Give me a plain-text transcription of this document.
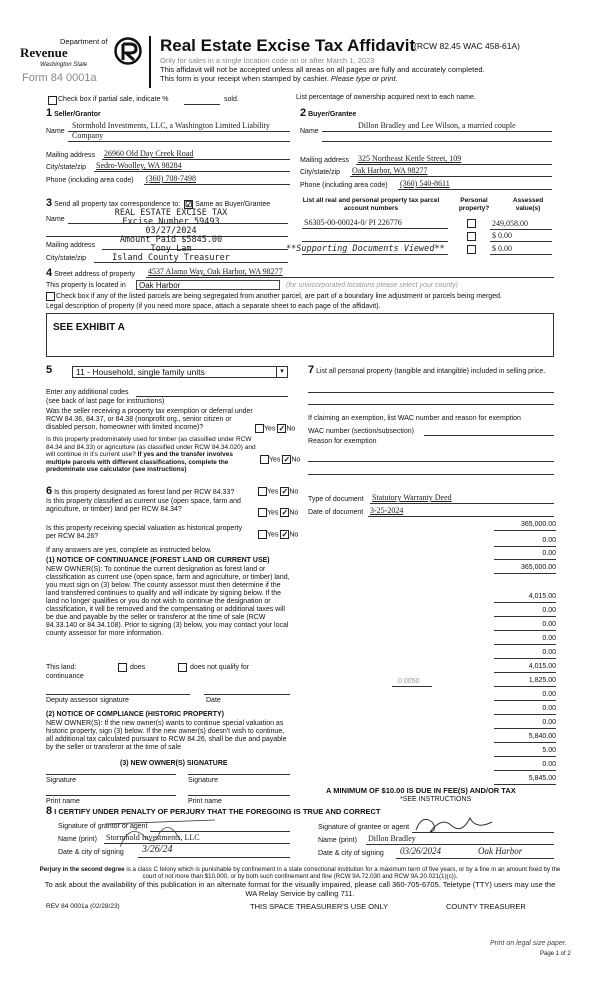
Department of
Revenue
Washington State
Form 84 0001a
Real Estate Excise Tax Affidavit
(RCW 82.45 WAC 458-61A)
Only for sales in a single location code on or after March 1, 2023
This affidavit will not be accepted unless all areas on all pages are fully and accurately completed.
This form is your receipt when stamped by cashier. Please type or print.
Check box if partial sale, indicate %	sold.	List percentage of ownership acquired next to each name.
1 Seller/Grantor
Name
Stormhold Investments, LLC, a Washington Limited Liability
Company
Mailing address 26960 Old Day Creek Road
City/state/zip Sedro-Woolley, WA 98284
Phone (including area code) (360) 708-7498
2 Buyer/Grantee
Name
Dillon Bradley and Lee Wilson, a married couple
Mailing address 325 Northeast Kettle Street, 109
City/state/zip Oak Harbor, WA 98277
Phone (including area code) (360) 540-8611
3 Send all property tax correspondence to: ☑ Same as Buyer/Grantee
Name
Mailing address
City/state/zip
REAL ESTATE EXCISE TAX
Excise Number 59493
03/27/2024
Amount Paid $5845.00
Tony Lam
Island County Treasurer
**Supporting Documents Viewed**
List all real and personal property tax parcel account numbers
Personal property?
Assessed value(s)
S6305-00-00024-0/ PI 226776	249,058.00
$ 0.00
$ 0.00
4 Street address of property 4537 Alamo Way, Oak Harbor, WA 98277
This property is located in	Oak Harbor	(for unincorporated locations please select your county)
Check box if any of the listed parcels are being segregated from another parcel, are part of a boundary line adjustment or parcels being merged.
Legal description of property (if you need more space, attach a separate sheet to each page of the affidavit).
SEE EXHIBIT A
5	11 - Household, single family units	▾
Enter any additional codes
(see back of last page for instructions)
Was the seller receiving a property tax exemption or deferral under RCW 84.36, 84.37, or 84.38 (nonprofit org., senior citizen or disabled person, homeowner with limited income)?	Yes ✓No
Is this property predominately used for timber (as classified under RCW 84.34 and 84.33) or agriculture (as classified under RCW 84.34.020) and will continue in it's current use? If yes and the transfer involves multiple parcels with different classifications, complete the predominate use calculator (see instructions)
Yes ✓No
6 Is this property designated as forest land per RCW 84.33?	Yes ✓No
Is this property classified as current use (open space, farm and agriculture, or timber) land per RCW 84.34?	Yes ✓No
Is this property receiving special valuation as historical property per RCW 84.26?	Yes ✓No
If any answers are yes, complete as instructed below.
(1) NOTICE OF CONTINUANCE (FOREST LAND OR CURRENT USE)
NEW OWNER(S): To continue the current designation as forest land or classification as current use (open space, farm and agriculture, or timber) land, you must sign on (3) below. The county assessor must then determine if the land transferred continues to qualify and will indicate by signing below. If the land no longer qualifies or you do not wish to continue the designation or classification, it will be removed and the compensating or additional taxes will be due and payable by the seller or transferor at the time of sale (RCW 84.33.140 or 84.34.108). Prior to signing (3) below, you may contact your local county assessor for more information.
This land:	does	does not qualify for
continuance
Deputy assessor signature	Date
(2) NOTICE OF COMPLIANCE (HISTORIC PROPERTY)
NEW OWNER(S): If the new owner(s) wants to continue special valuation as historic property, sign (3) below. If the new owner(s) doesn't wish to continue, all additional tax calculated pursuant to RCW 84.26, shall be due and payable by the seller or transferor at the time of sale
(3) NEW OWNER(S) SIGNATURE
Signature	Signature
Print name	Print name
7 List all personal property (tangible and intangible) included in selling price.
If claiming an exemption, list WAC number and reason for exemption
WAC number (section/subsection)
Reason for exemption
Type of document Statutory Warranty Deed
Date of document 3-25-2024
365,000.00
0.00
0.00
365,000.00
4,015.00
0.00
0.00
0.00
0.00
4,015.00
0.0050	1,825.00
0.00
0.00
0.00
5,840.00
5.00
0.00
5,845.00
A MINIMUM OF $10.00 IS DUE IN FEE(S) AND/OR TAX
*SEE INSTRUCTIONS
8 I CERTIFY UNDER PENALTY OF PERJURY THAT THE FOREGOING IS TRUE AND CORRECT
Signature of grantor or agent
Name (print) Stormhold Investments, LLC
Date & city of signing 3/26/24
Signature of grantee or agent
Name (print) Dillon Bradley
Date & city of signing 03/26/2024	Oak Harbor
Perjury in the second degree is a class C felony which is punishable by confinement in a state correctional institution for a maximum term of five years, or by a fine in an amount fixed by the court of not more than $10,000, or by both such confinement and fine (RCW 9A.72.030 and RCW 9A.20.021(1)(c)).
To ask about the availability of this publication in an alternate format for the visually impaired, please call 360-705-6705. Teletype (TTY) users may use the WA Relay Service by calling 711.
REV 84 0001a (02/28/23)	THIS SPACE TREASURER'S USE ONLY	COUNTY TREASURER
Print on legal size paper.
Page 1 of 2
